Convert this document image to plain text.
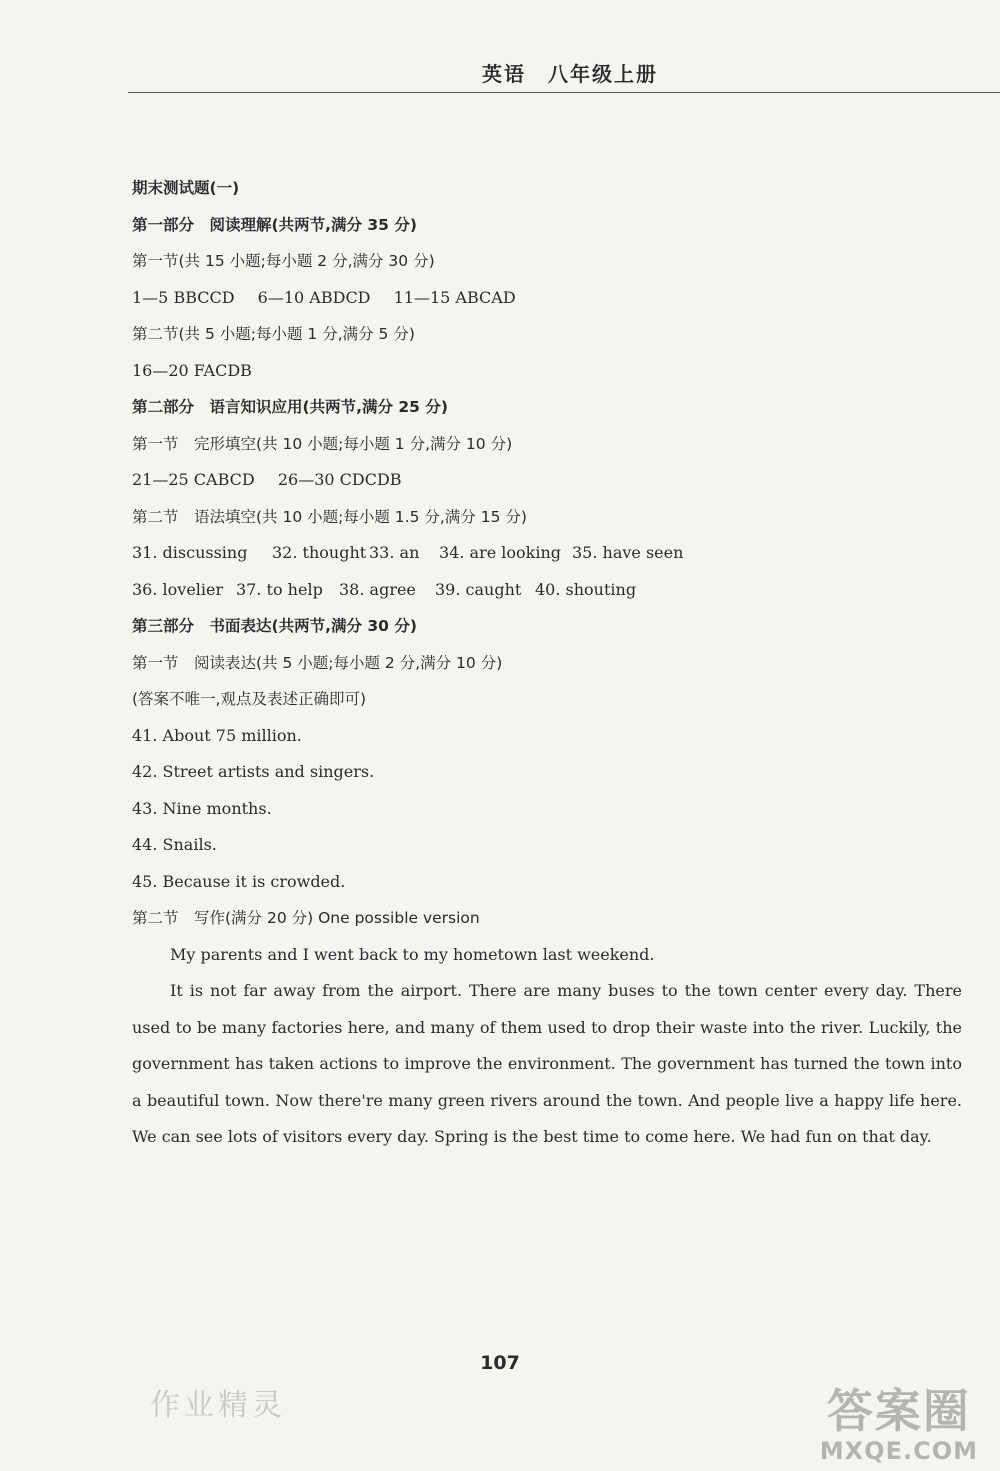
英语　八年级上册
期末测试题(一)
第一部分　阅读理解(共两节,满分 35 分)
第一节(共 15 小题;每小题 2 分,满分 30 分)
1—5 BBCCD 6—10 ABDCD 11—15 ABCAD
第二节(共 5 小题;每小题 1 分,满分 5 分)
16—20 FACDB
第二部分　语言知识应用(共两节,满分 25 分)
第一节　完形填空(共 10 小题;每小题 1 分,满分 10 分)
21—25 CABCD 26—30 CDCDB
第二节　语法填空(共 10 小题;每小题 1.5 分,满分 15 分)
31. discussing 32. thought 33. an 34. are looking 35. have seen
36. lovelier 37. to help 38. agree 39. caught 40. shouting
第三部分　书面表达(共两节,满分 30 分)
第一节　阅读表达(共 5 小题;每小题 2 分,满分 10 分)
(答案不唯一,观点及表述正确即可)
41. About 75 million.
42. Street artists and singers.
43. Nine months.
44. Snails.
45. Because it is crowded.
第二节　写作(满分 20 分) One possible version
My parents and I went back to my hometown last weekend.
It is not far away from the airport. There are many buses to the town center every day. There used to be many factories here, and many of them used to drop their waste into the river. Luckily, the government has taken actions to improve the environment. The government has turned the town into a beautiful town. Now there're many green rivers around the town. And people live a happy life here. We can see lots of visitors every day. Spring is the best time to come here. We had fun on that day.
107
作业精灵	答案圈
MXQE.COM
